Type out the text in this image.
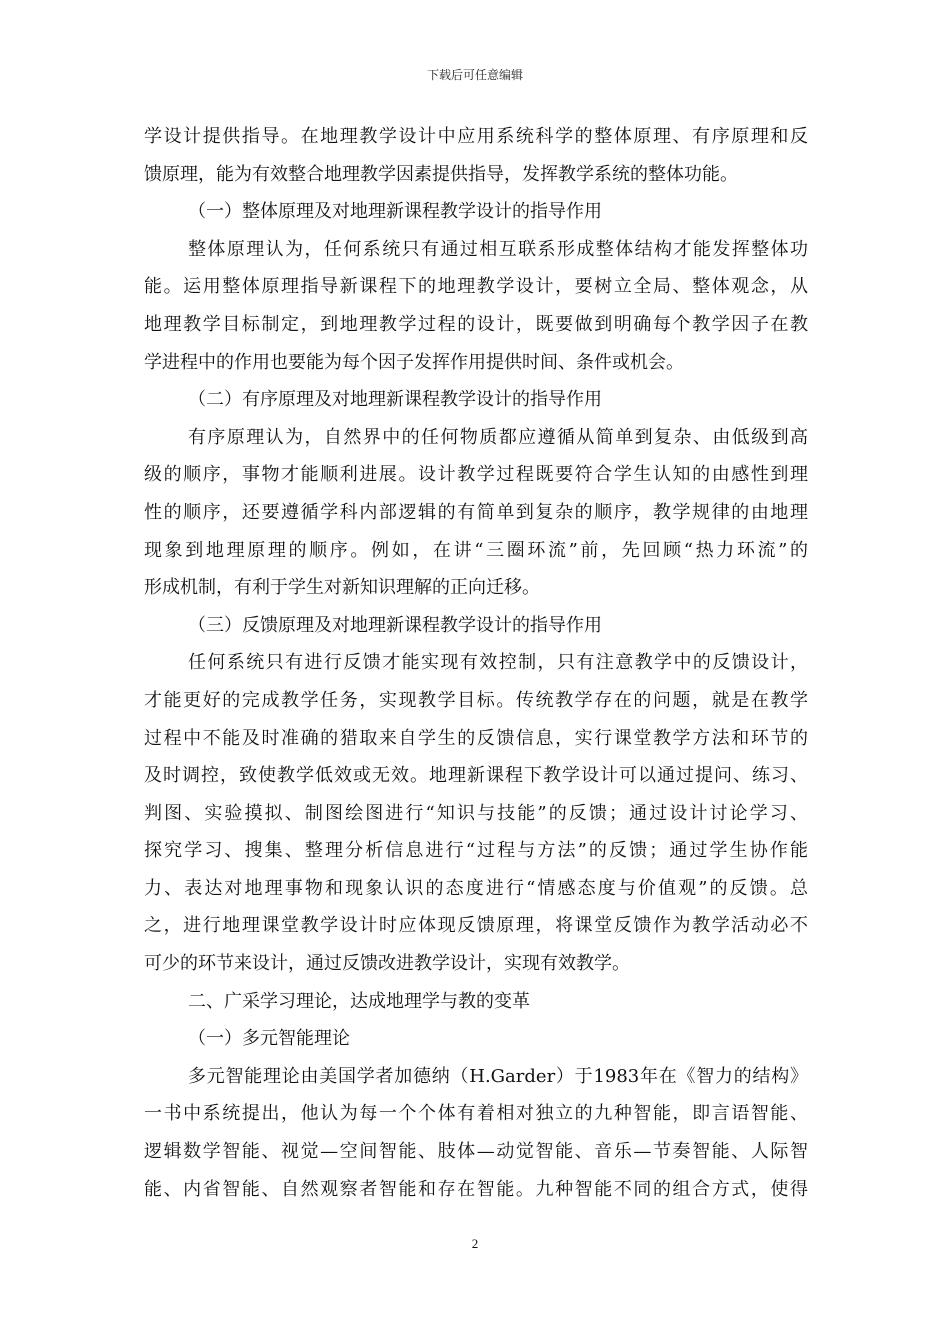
下载后可任意编辑
学设计提供指导。在地理教学设计中应用系统科学的整体原理、有序原理和反
馈原理，能为有效整合地理教学因素提供指导，发挥教学系统的整体功能。
（一）整体原理及对地理新课程教学设计的指导作用
整体原理认为，任何系统只有通过相互联系形成整体结构才能发挥整体功
能。运用整体原理指导新课程下的地理教学设计，要树立全局、整体观念，从
地理教学目标制定，到地理教学过程的设计，既要做到明确每个教学因子在教
学进程中的作用也要能为每个因子发挥作用提供时间、条件或机会。
（二）有序原理及对地理新课程教学设计的指导作用
有序原理认为，自然界中的任何物质都应遵循从简单到复杂、由低级到高
级的顺序，事物才能顺利进展。设计教学过程既要符合学生认知的由感性到理
性的顺序，还要遵循学科内部逻辑的有简单到复杂的顺序，教学规律的由地理
现象到地理原理的顺序。例如，在讲“三圈环流”前，先回顾“热力环流”的
形成机制，有利于学生对新知识理解的正向迁移。
（三）反馈原理及对地理新课程教学设计的指导作用
任何系统只有进行反馈才能实现有效控制，只有注意教学中的反馈设计，
才能更好的完成教学任务，实现教学目标。传统教学存在的问题，就是在教学
过程中不能及时准确的猎取来自学生的反馈信息，实行课堂教学方法和环节的
及时调控，致使教学低效或无效。地理新课程下教学设计可以通过提问、练习、
判图、实验摸拟、制图绘图进行“知识与技能”的反馈；通过设计讨论学习、
探究学习、搜集、整理分析信息进行“过程与方法”的反馈；通过学生协作能
力、表达对地理事物和现象认识的态度进行“情感态度与价值观”的反馈。总
之，进行地理课堂教学设计时应体现反馈原理，将课堂反馈作为教学活动必不
可少的环节来设计，通过反馈改进教学设计，实现有效教学。
二、广采学习理论，达成地理学与教的变革
（一）多元智能理论
多元智能理论由美国学者加德纳（H.Garder）于1983年在《智力的结构》
一书中系统提出，他认为每一个个体有着相对独立的九种智能，即言语智能、
逻辑数学智能、视觉—空间智能、肢体—动觉智能、音乐—节奏智能、人际智
能、内省智能、自然观察者智能和存在智能。九种智能不同的组合方式，使得
2
